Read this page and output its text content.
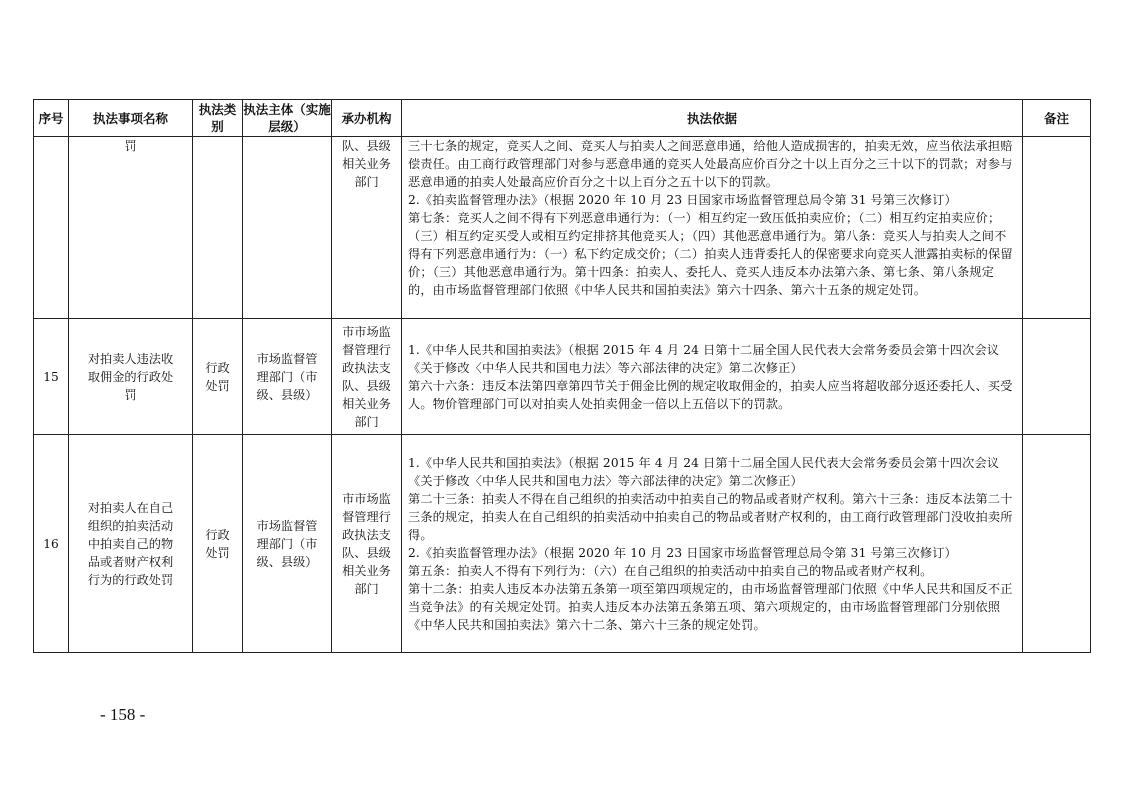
序号	执法事项名称	执法类别	执法主体（实施层级）	承办机构	执法依据	备注
	罚			队、县级相关业务部门	三十七条的规定，竞买人之间、竞买人与拍卖人之间恶意串通，给他人造成损害的，拍卖无效，应当依法承担赔偿责任。由工商行政管理部门对参与恶意串通的竞买人处最高应价百分之十以上百分之三十以下的罚款；对参与恶意串通的拍卖人处最高应价百分之十以上百分之五十以下的罚款。
2.《拍卖监督管理办法》（根据 2020 年 10 月 23 日国家市场监督管理总局令第 31 号第三次修订）
第七条：竞买人之间不得有下列恶意串通行为：（一）相互约定一致压低拍卖应价；（二）相互约定拍卖应价；（三）相互约定买受人或相互约定排挤其他竞买人；（四）其他恶意串通行为。第八条：竞买人与拍卖人之间不得有下列恶意串通行为：（一）私下约定成交价；（二）拍卖人违背委托人的保密要求向竞买人泄露拍卖标的保留价；（三）其他恶意串通行为。第十四条：拍卖人、委托人、竞买人违反本办法第六条、第七条、第八条规定的，由市场监督管理部门依照《中华人民共和国拍卖法》第六十四条、第六十五条的规定处罚。	

15	对拍卖人违法收取佣金的行政处罚	行政处罚	市场监督管理部门（市级、县级）	市市场监督管理行政执法支队、县级相关业务部门	1.《中华人民共和国拍卖法》（根据 2015 年 4 月 24 日第十二届全国人民代表大会常务委员会第十四次会议《关于修改〈中华人民共和国电力法〉等六部法律的决定》第二次修正）
第六十六条：违反本法第四章第四节关于佣金比例的规定收取佣金的，拍卖人应当将超收部分返还委托人、买受人。物价管理部门可以对拍卖人处拍卖佣金一倍以上五倍以下的罚款。	

16	对拍卖人在自己组织的拍卖活动中拍卖自己的物品或者财产权利行为的行政处罚	行政处罚	市场监督管理部门（市级、县级）	市市场监督管理行政执法支队、县级相关业务部门	1.《中华人民共和国拍卖法》（根据 2015 年 4 月 24 日第十二届全国人民代表大会常务委员会第十四次会议《关于修改〈中华人民共和国电力法〉等六部法律的决定》第二次修正）
第二十三条：拍卖人不得在自己组织的拍卖活动中拍卖自己的物品或者财产权利。第六十三条：违反本法第二十三条的规定，拍卖人在自己组织的拍卖活动中拍卖自己的物品或者财产权利的，由工商行政管理部门没收拍卖所得。
2.《拍卖监督管理办法》（根据 2020 年 10 月 23 日国家市场监督管理总局令第 31 号第三次修订）
第五条：拍卖人不得有下列行为：（六）在自己组织的拍卖活动中拍卖自己的物品或者财产权利。
第十二条：拍卖人违反本办法第五条第一项至第四项规定的，由市场监督管理部门依照《中华人民共和国反不正当竞争法》的有关规定处罚。拍卖人违反本办法第五条第五项、第六项规定的，由市场监督管理部门分别依照《中华人民共和国拍卖法》第六十二条、第六十三条的规定处罚。	

- 158 -
